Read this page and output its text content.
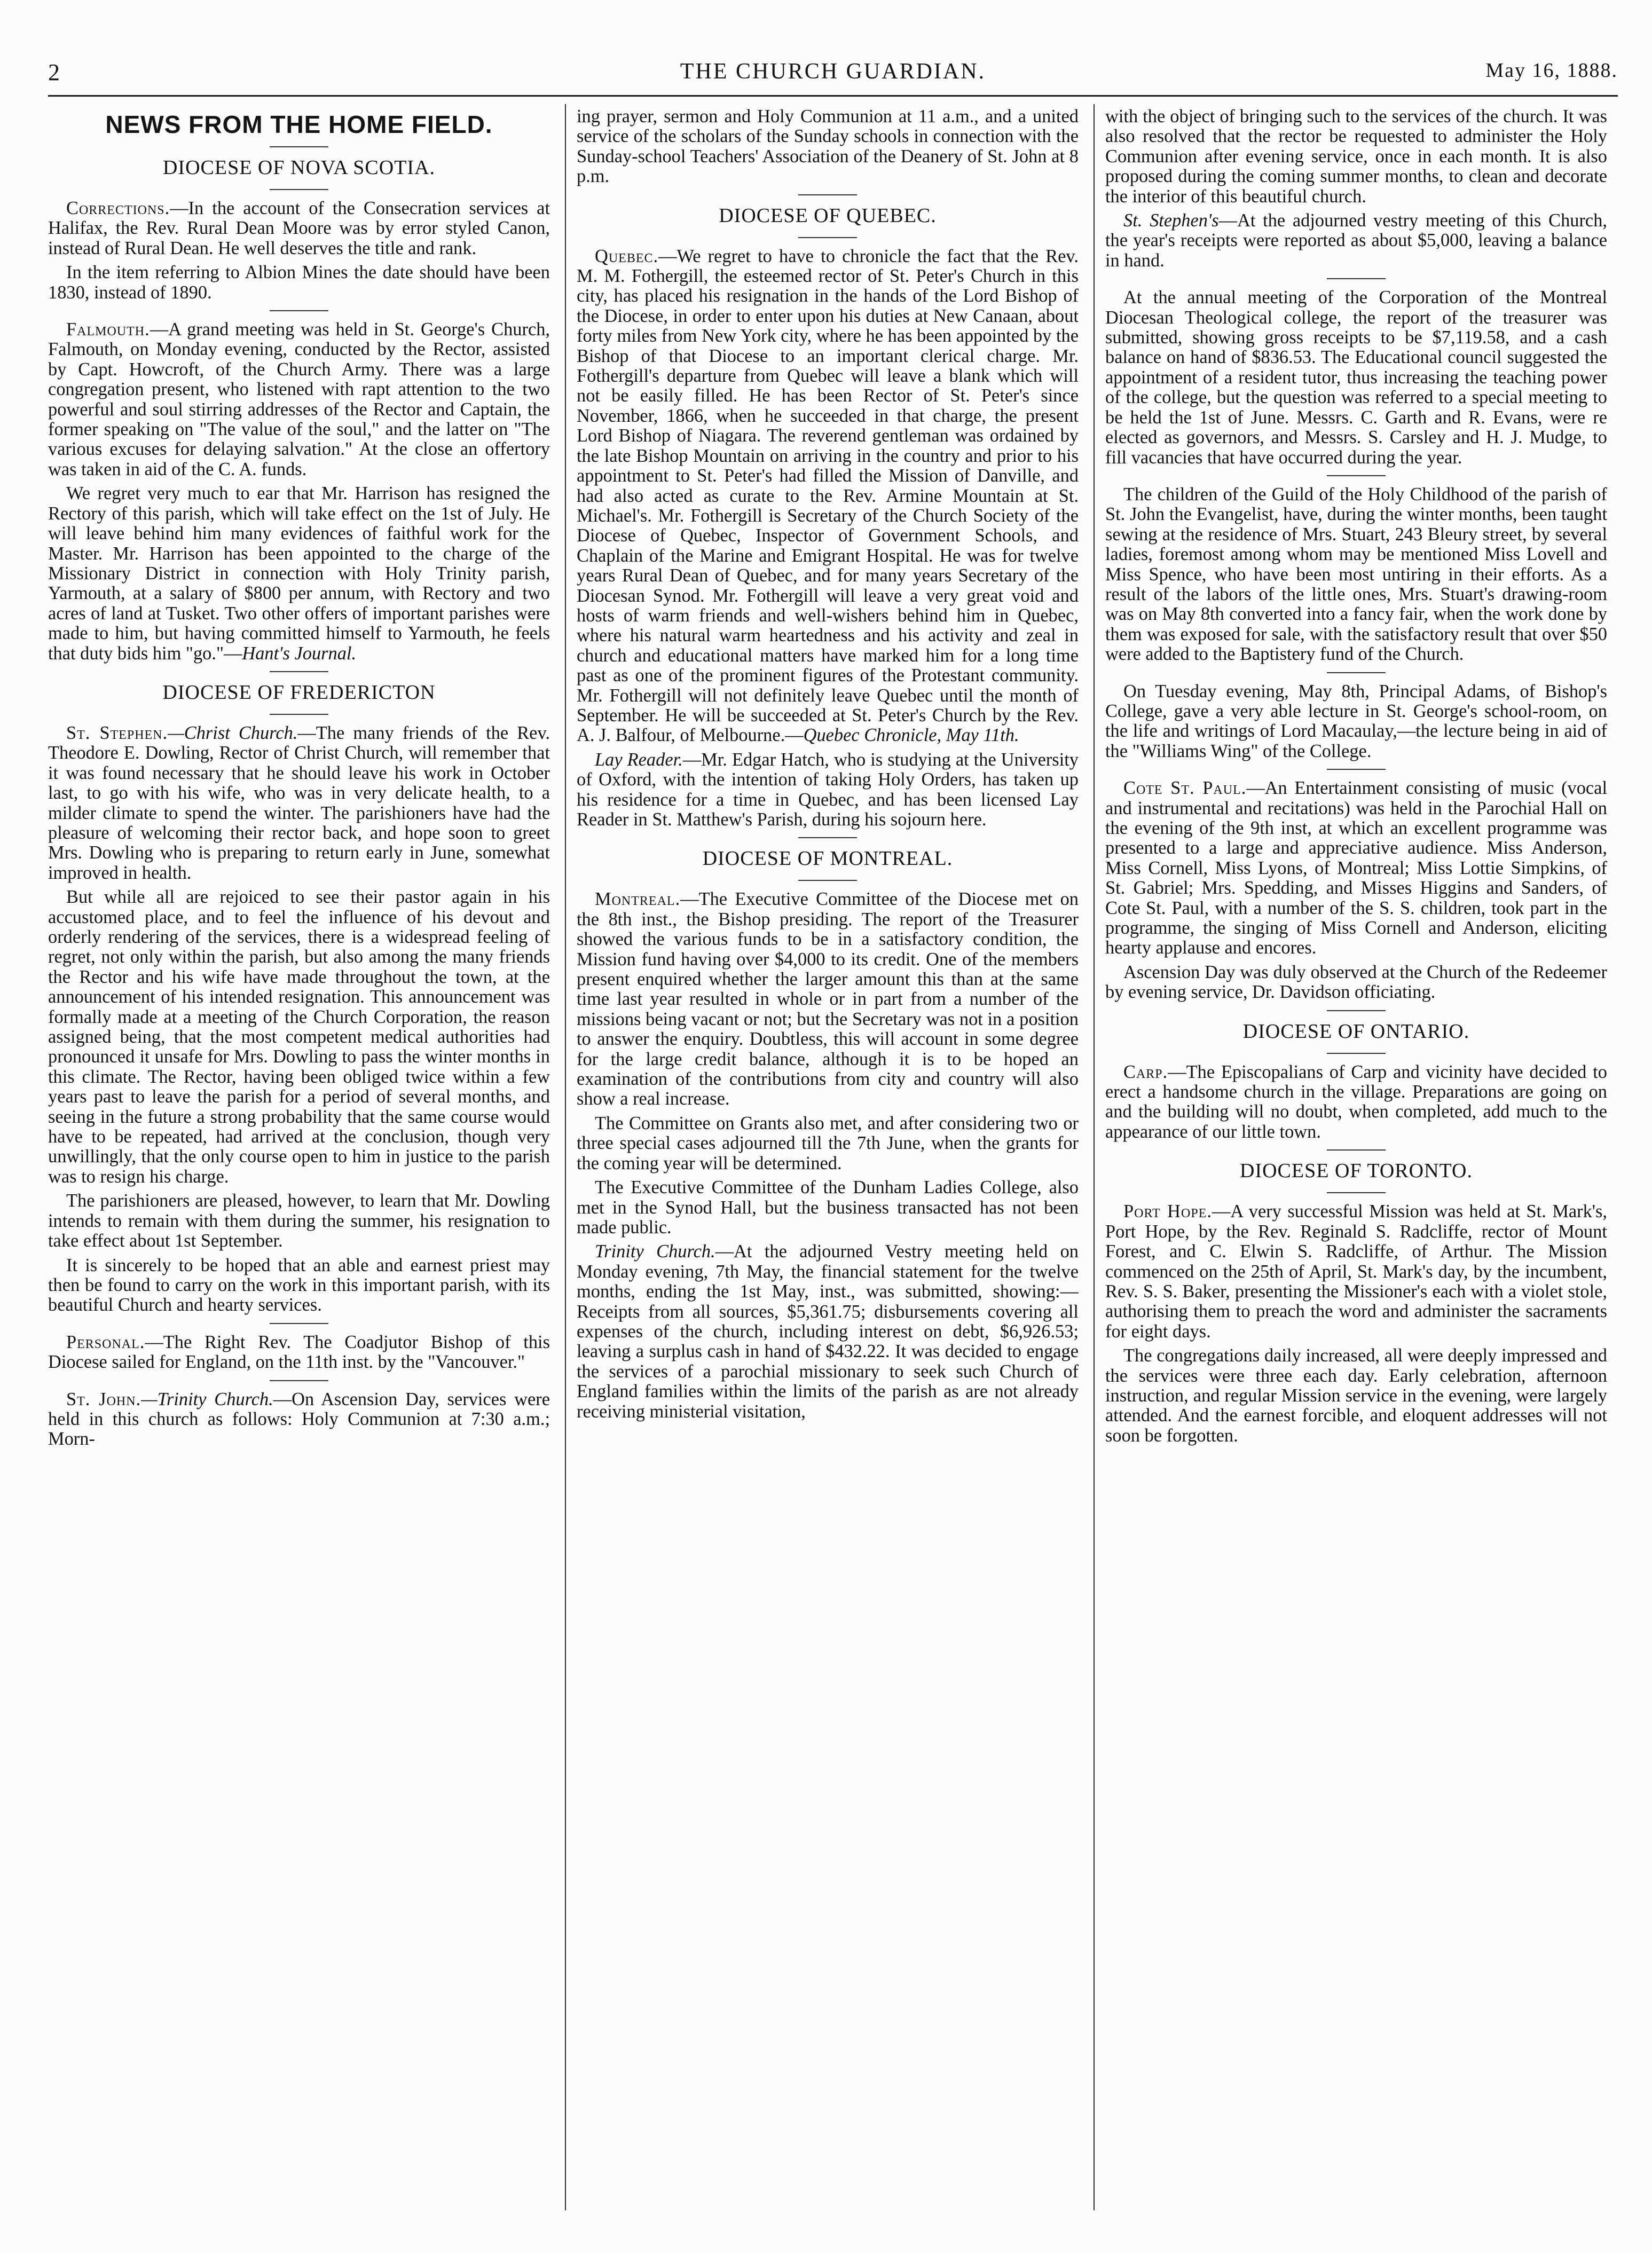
2	THE CHURCH GUARDIAN.	May 16, 1888.
NEWS FROM THE HOME FIELD.
DIOCESE OF NOVA SCOTIA.

Corrections.—In the account of the Consecration services at Halifax, the Rev. Rural Dean Moore was by error styled Canon, instead of Rural Dean. He well deserves the title and rank.

In the item referring to Albion Mines the date should have been 1830, instead of 1890.

Falmouth.—A grand meeting was held in St. George's Church, Falmouth, on Monday evening, conducted by the Rector, assisted by Capt. Howcroft, of the Church Army. There was a large congregation present, who listened with rapt attention to the two powerful and soul stirring addresses of the Rector and Captain, the former speaking on "The value of the soul," and the latter on "The various excuses for delaying salvation." At the close an offertory was taken in aid of the C. A. funds.

We regret very much to ear that Mr. Harrison has resigned the Rectory of this parish, which will take effect on the 1st of July. He will leave behind him many evidences of faithful work for the Master. Mr. Harrison has been appointed to the charge of the Missionary District in connection with Holy Trinity parish, Yarmouth, at a salary of $800 per annum, with Rectory and two acres of land at Tusket. Two other offers of important parishes were made to him, but having committed himself to Yarmouth, he feels that duty bids him "go."—Hant's Journal.

DIOCESE OF FREDERICTON

St. Stephen.—Christ Church.—The many friends of the Rev. Theodore E. Dowling, Rector of Christ Church, will remember that it was found necessary that he should leave his work in October last, to go with his wife, who was in very delicate health, to a milder climate to spend the winter. The parishioners have had the pleasure of welcoming their rector back, and hope soon to greet Mrs. Dowling who is preparing to return early in June, somewhat improved in health.

But while all are rejoiced to see their pastor again in his accustomed place, and to feel the influence of his devout and orderly rendering of the services, there is a widespread feeling of regret, not only within the parish, but also among the many friends the Rector and his wife have made throughout the town, at the announcement of his intended resignation. This announcement was formally made at a meeting of the Church Corporation, the reason assigned being, that the most competent medical authorities had pronounced it unsafe for Mrs. Dowling to pass the winter months in this climate. The Rector, having been obliged twice within a few years past to leave the parish for a period of several months, and seeing in the future a strong probability that the same course would have to be repeated, had arrived at the conclusion, though very unwillingly, that the only course open to him in justice to the parish was to resign his charge.

The parishioners are pleased, however, to learn that Mr. Dowling intends to remain with them during the summer, his resignation to take effect about 1st September.

It is sincerely to be hoped that an able and earnest priest may then be found to carry on the work in this important parish, with its beautiful Church and hearty services.

Personal.—The Right Rev. The Coadjutor Bishop of this Diocese sailed for England, on the 11th inst. by the "Vancouver."

St. John.—Trinity Church.—On Ascension Day, services were held in this church as follows: Holy Communion at 7:30 a.m.; Morn-

ing prayer, sermon and Holy Communion at 11 a.m., and a united service of the scholars of the Sunday schools in connection with the Sunday-school Teachers' Association of the Deanery of St. John at 8 p.m.

DIOCESE OF QUEBEC.

Quebec.—We regret to have to chronicle the fact that the Rev. M. M. Fothergill, the esteemed rector of St. Peter's Church in this city, has placed his resignation in the hands of the Lord Bishop of the Diocese, in order to enter upon his duties at New Canaan, about forty miles from New York city, where he has been appointed by the Bishop of that Diocese to an important clerical charge. Mr. Fothergill's departure from Quebec will leave a blank which will not be easily filled. He has been Rector of St. Peter's since November, 1866, when he succeeded in that charge, the present Lord Bishop of Niagara. The reverend gentleman was ordained by the late Bishop Mountain on arriving in the country and prior to his appointment to St. Peter's had filled the Mission of Danville, and had also acted as curate to the Rev. Armine Mountain at St. Michael's. Mr. Fothergill is Secretary of the Church Society of the Diocese of Quebec, Inspector of Government Schools, and Chaplain of the Marine and Emigrant Hospital. He was for twelve years Rural Dean of Quebec, and for many years Secretary of the Diocesan Synod. Mr. Fothergill will leave a very great void and hosts of warm friends and well-wishers behind him in Quebec, where his natural warm heartedness and his activity and zeal in church and educational matters have marked him for a long time past as one of the prominent figures of the Protestant community. Mr. Fothergill will not definitely leave Quebec until the month of September. He will be succeeded at St. Peter's Church by the Rev. A. J. Balfour, of Melbourne.—Quebec Chronicle, May 11th.

Lay Reader.—Mr. Edgar Hatch, who is studying at the University of Oxford, with the intention of taking Holy Orders, has taken up his residence for a time in Quebec, and has been licensed Lay Reader in St. Matthew's Parish, during his sojourn here.

DIOCESE OF MONTREAL.

Montreal.—The Executive Committee of the Diocese met on the 8th inst., the Bishop presiding. The report of the Treasurer showed the various funds to be in a satisfactory condition, the Mission fund having over $4,000 to its credit. One of the members present enquired whether the larger amount this than at the same time last year resulted in whole or in part from a number of the missions being vacant or not; but the Secretary was not in a position to answer the enquiry. Doubtless, this will account in some degree for the large credit balance, although it is to be hoped an examination of the contributions from city and country will also show a real increase.

The Committee on Grants also met, and after considering two or three special cases adjourned till the 7th June, when the grants for the coming year will be determined.

The Executive Committee of the Dunham Ladies College, also met in the Synod Hall, but the business transacted has not been made public.

Trinity Church.—At the adjourned Vestry meeting held on Monday evening, 7th May, the financial statement for the twelve months, ending the 1st May, inst., was submitted, showing:—Receipts from all sources, $5,361.75; disbursements covering all expenses of the church, including interest on debt, $6,926.53; leaving a surplus cash in hand of $432.22. It was decided to engage the services of a parochial missionary to seek such Church of England families within the limits of the parish as are not already receiving ministerial visitation,

with the object of bringing such to the services of the church. It was also resolved that the rector be requested to administer the Holy Communion after evening service, once in each month. It is also proposed during the coming summer months, to clean and decorate the interior of this beautiful church.

St. Stephen's—At the adjourned vestry meeting of this Church, the year's receipts were reported as about $5,000, leaving a balance in hand.

At the annual meeting of the Corporation of the Montreal Diocesan Theological college, the report of the treasurer was submitted, showing gross receipts to be $7,119.58, and a cash balance on hand of $836.53. The Educational council suggested the appointment of a resident tutor, thus increasing the teaching power of the college, but the question was referred to a special meeting to be held the 1st of June. Messrs. C. Garth and R. Evans, were re elected as governors, and Messrs. S. Carsley and H. J. Mudge, to fill vacancies that have occurred during the year.

The children of the Guild of the Holy Childhood of the parish of St. John the Evangelist, have, during the winter months, been taught sewing at the residence of Mrs. Stuart, 243 Bleury street, by several ladies, foremost among whom may be mentioned Miss Lovell and Miss Spence, who have been most untiring in their efforts. As a result of the labors of the little ones, Mrs. Stuart's drawing-room was on May 8th converted into a fancy fair, when the work done by them was exposed for sale, with the satisfactory result that over $50 were added to the Baptistery fund of the Church.

On Tuesday evening, May 8th, Principal Adams, of Bishop's College, gave a very able lecture in St. George's school-room, on the life and writings of Lord Macaulay,—the lecture being in aid of the "Williams Wing" of the College.

Cote St. Paul.—An Entertainment consisting of music (vocal and instrumental and recitations) was held in the Parochial Hall on the evening of the 9th inst, at which an excellent programme was presented to a large and appreciative audience. Miss Anderson, Miss Cornell, Miss Lyons, of Montreal; Miss Lottie Simpkins, of St. Gabriel; Mrs. Spedding, and Misses Higgins and Sanders, of Cote St. Paul, with a number of the S. S. children, took part in the programme, the singing of Miss Cornell and Anderson, eliciting hearty applause and encores.

Ascension Day was duly observed at the Church of the Redeemer by evening service, Dr. Davidson officiating.

DIOCESE OF ONTARIO.

Carp.—The Episcopalians of Carp and vicinity have decided to erect a handsome church in the village. Preparations are going on and the building will no doubt, when completed, add much to the appearance of our little town.

DIOCESE OF TORONTO.

Port Hope.—A very successful Mission was held at St. Mark's, Port Hope, by the Rev. Reginald S. Radcliffe, rector of Mount Forest, and C. Elwin S. Radcliffe, of Arthur. The Mission commenced on the 25th of April, St. Mark's day, by the incumbent, Rev. S. S. Baker, presenting the Missioner's each with a violet stole, authorising them to preach the word and administer the sacraments for eight days.

The congregations daily increased, all were deeply impressed and the services were three each day. Early celebration, afternoon instruction, and regular Mission service in the evening, were largely attended. And the earnest forcible, and eloquent addresses will not soon be forgotten.
